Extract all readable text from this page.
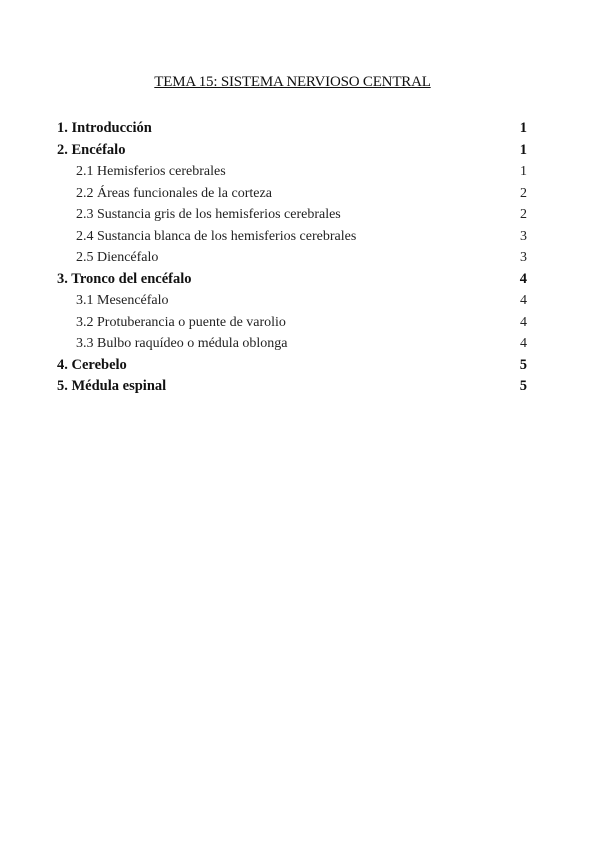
TEMA 15: SISTEMA NERVIOSO CENTRAL
1. Introducción	1
2. Encéfalo	1
2.1 Hemisferios cerebrales	1
2.2 Áreas funcionales de la corteza	2
2.3 Sustancia gris de los hemisferios cerebrales	2
2.4 Sustancia blanca de los hemisferios cerebrales	3
2.5 Diencéfalo	3
3. Tronco del encéfalo	4
3.1 Mesencéfalo	4
3.2 Protuberancia o puente de varolio	4
3.3 Bulbo raquídeo o médula oblonga	4
4. Cerebelo	5
5. Médula espinal	5
